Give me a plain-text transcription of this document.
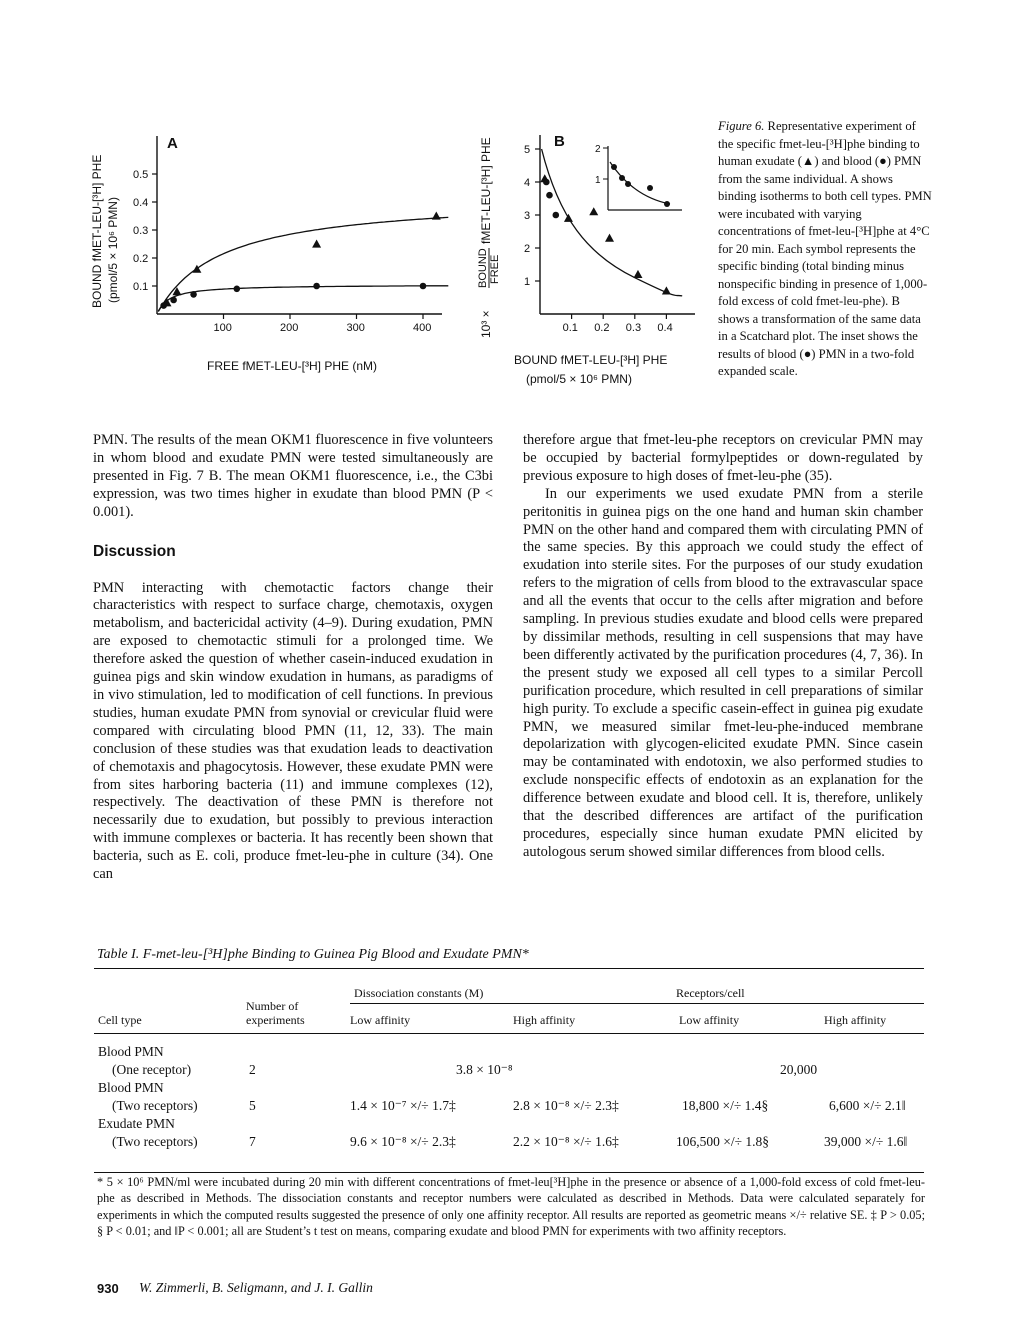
BOUND fMET-LEU-[³H] PHE (pmol/5 × 10⁶ PMN)
A
0.5
0.4
0.3
0.2
0.1
100	200	300	400
FREE fMET-LEU-[³H] PHE (nM)
10³ ×
BOUND FREE
fMET-LEU-[³H] PHE	B
5
4
3
2
1
0.1 0.2 0.3 0.4
BOUND fMET-LEU-[³H] PHE
(pmol/5 × 10⁶ PMN)
2
1

Figure 6. Representative experiment of the specific fmet-leu-[³H]phe binding to human exudate (▲) and blood (●) PMN from the same individual. A shows binding isotherms to both cell types. PMN were incubated with varying concentrations of fmet-leu-[³H]phe at 4°C for 20 min. Each symbol represents the specific binding (total binding minus nonspecific binding in presence of 1,000-fold excess of cold fmet-leu-phe). B shows a transformation of the same data in a Scatchard plot. The inset shows the results of blood (●) PMN in a two-fold expanded scale.

PMN. The results of the mean OKM1 fluorescence in five volunteers in whom blood and exudate PMN were tested simultaneously are presented in Fig. 7 B. The mean OKM1 fluorescence, i.e., the C3bi expression, was two times higher in exudate than blood PMN (P < 0.001).

Discussion

PMN interacting with chemotactic factors change their characteristics with respect to surface charge, chemotaxis, oxygen metabolism, and bactericidal activity (4–9). During exudation, PMN are exposed to chemotactic stimuli for a prolonged time. We therefore asked the question of whether casein-induced exudation in guinea pigs and skin window exudation in humans, as paradigms of in vivo stimulation, led to modification of cell functions. In previous studies, human exudate PMN from synovial or crevicular fluid were compared with circulating blood PMN (11, 12, 33). The main conclusion of these studies was that exudation leads to deactivation of chemotaxis and phagocytosis. However, these exudate PMN were from sites harboring bacteria (11) and immune complexes (12), respectively. The deactivation of these PMN is therefore not necessarily due to exudation, but possibly to previous interaction with immune complexes or bacteria. It has recently been shown that bacteria, such as E. coli, produce fmet-leu-phe in culture (34). One can

therefore argue that fmet-leu-phe receptors on crevicular PMN may be occupied by bacterial formylpeptides or down-regulated by previous exposure to high doses of fmet-leu-phe (35).

In our experiments we used exudate PMN from a sterile peritonitis in guinea pigs on the one hand and human skin chamber PMN on the other hand and compared them with circulating PMN of the same species. By this approach we could study the effect of exudation into sterile sites. For the purposes of our study exudation refers to the migration of cells from blood to the extravascular space and all the events that occur to the cells after migration and before sampling. In previous studies exudate and blood cells were prepared by dissimilar methods, resulting in cell suspensions that may have been differently activated by the purification procedures (4, 7, 36). In the present study we exposed all cell types to a similar Percoll purification procedure, which resulted in cell preparations of similar high purity. To exclude a specific casein-effect in guinea pig exudate PMN, we measured similar fmet-leu-phe-induced membrane depolarization with glycogen-elicited exudate PMN. Since casein may be contaminated with endotoxin, we also performed studies to exclude nonspecific effects of endotoxin as an explanation for the difference between exudate and blood cell. It is, therefore, unlikely that the described differences are artifact of the purification procedures, especially since human exudate PMN elicited by autologous serum showed similar differences from blood cells.

Table I. F-met-leu-[³H]phe Binding to Guinea Pig Blood and Exudate PMN*
Dissociation constants (M)	Receptors/cell
Number of
Cell type	experiments	Low affinity	High affinity	Low affinity	High affinity
Blood PMN
(One receptor)	2	3.8 × 10⁻⁸	20,000
Blood PMN
(Two receptors)	5	1.4 × 10⁻⁷ ×/÷ 1.7‡	2.8 × 10⁻⁸ ×/÷ 2.3‡	18,800 ×/÷ 1.4§	6,600 ×/÷ 2.1‖
Exudate PMN
(Two receptors)	7	9.6 × 10⁻⁸ ×/÷ 2.3‡	2.2 × 10⁻⁸ ×/÷ 1.6‡	106,500 ×/÷ 1.8§	39,000 ×/÷ 1.6‖

* 5 × 10⁶ PMN/ml were incubated during 20 min with different concentrations of fmet-leu[³H]phe in the presence or absence of a 1,000-fold excess of cold fmet-leu-phe as described in Methods. The dissociation constants and receptor numbers were calculated as described in Methods. Data were calculated separately for experiments in which the computed results suggested the presence of only one affinity receptor. All results are reported as geometric means ×/÷ relative SE. ‡ P > 0.05; § P < 0.01; and ‖P < 0.001; all are Student’s t test on means, comparing exudate and blood PMN for experiments with two affinity receptors.

930 W. Zimmerli, B. Seligmann, and J. I. Gallin
